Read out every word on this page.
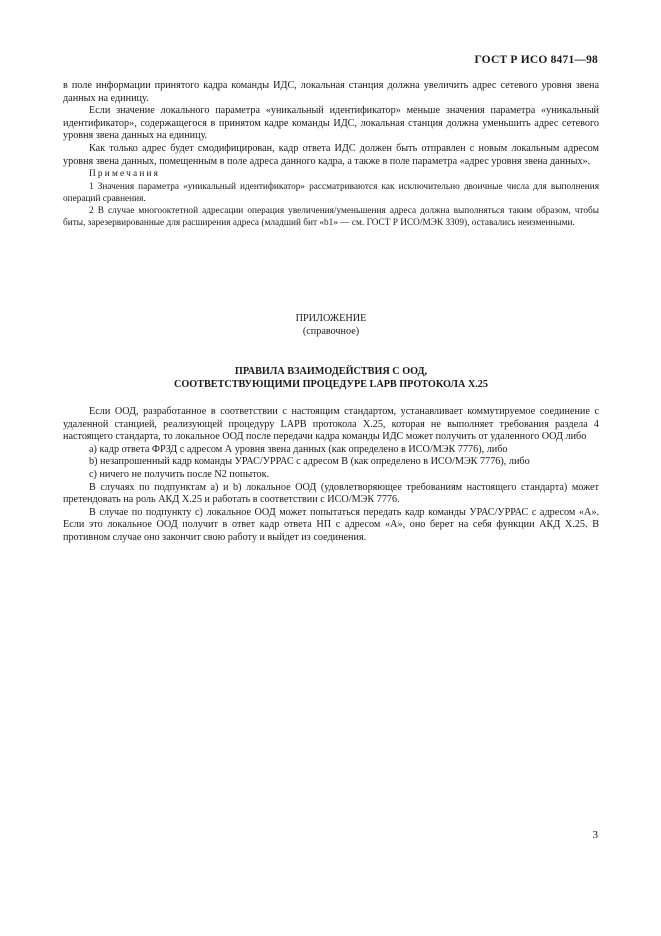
ГОСТ Р ИСО 8471—98

в поле информации принятого кадра команды ИДС, локальная станция должна увеличить адрес сетевого уровня звена данных на единицу.

Если значение локального параметра «уникальный идентификатор» меньше значения параметра «уникальный идентификатор», содержащегося в принятом кадре команды ИДС, локальная станция должна уменьшить адрес сетевого уровня звена данных на единицу.

Как только адрес будет смодифицирован, кадр ответа ИДС должен быть отправлен с новым локальным адресом уровня звена данных, помещенным в поле адреса данного кадра, а также в поле параметра «адрес уровня звена данных».

Примечания

1 Значения параметра «уникальный идентификатор» рассматриваются как исключительно двоичные числа для выполнения операций сравнения.

2 В случае многооктетной адресации операция увеличения/уменьшения адреса должна выполняться таким образом, чтобы биты, зарезервированные для расширения адреса (младший бит «b1» — см. ГОСТ Р ИСО/МЭК 3309), оставались неизменными.

ПРИЛОЖЕНИЕ
(справочное)
ПРАВИЛА ВЗАИМОДЕЙСТВИЯ С ООД,
СООТВЕТСТВУЮЩИМИ ПРОЦЕДУРЕ LAPB ПРОТОКОЛА X.25

Если ООД, разработанное в соответствии с настоящим стандартом, устанавливает коммутируемое соединение с удаленной станцией, реализующей процедуру LAPB протокола X.25, которая не выполняет требования раздела 4 настоящего стандарта, то локальное ООД после передачи кадра команды ИДС может получить от удаленного ООД либо

a) кадр ответа ФРЗД с адресом А уровня звена данных (как определено в ИСО/МЭК 7776), либо

b) незапрошенный кадр команды УРАС/УРРАС с адресом В (как определено в ИСО/МЭК 7776), либо

c) ничего не получить после N2 попыток.

В случаях по подпунктам а) и b) локальное ООД (удовлетворяющее требованиям настоящего стандарта) может претендовать на роль АКД X.25 и работать в соответствии с ИСО/МЭК 7776.

В случае по подпункту с) локальное ООД может попытаться передать кадр команды УРАС/УРРАС с адресом «А». Если это локальное ООД получит в ответ кадр ответа НП с адресом «А», оно берет на себя функции АКД X.25. В противном случае оно закончит свою работу и выйдет из соединения.

3
